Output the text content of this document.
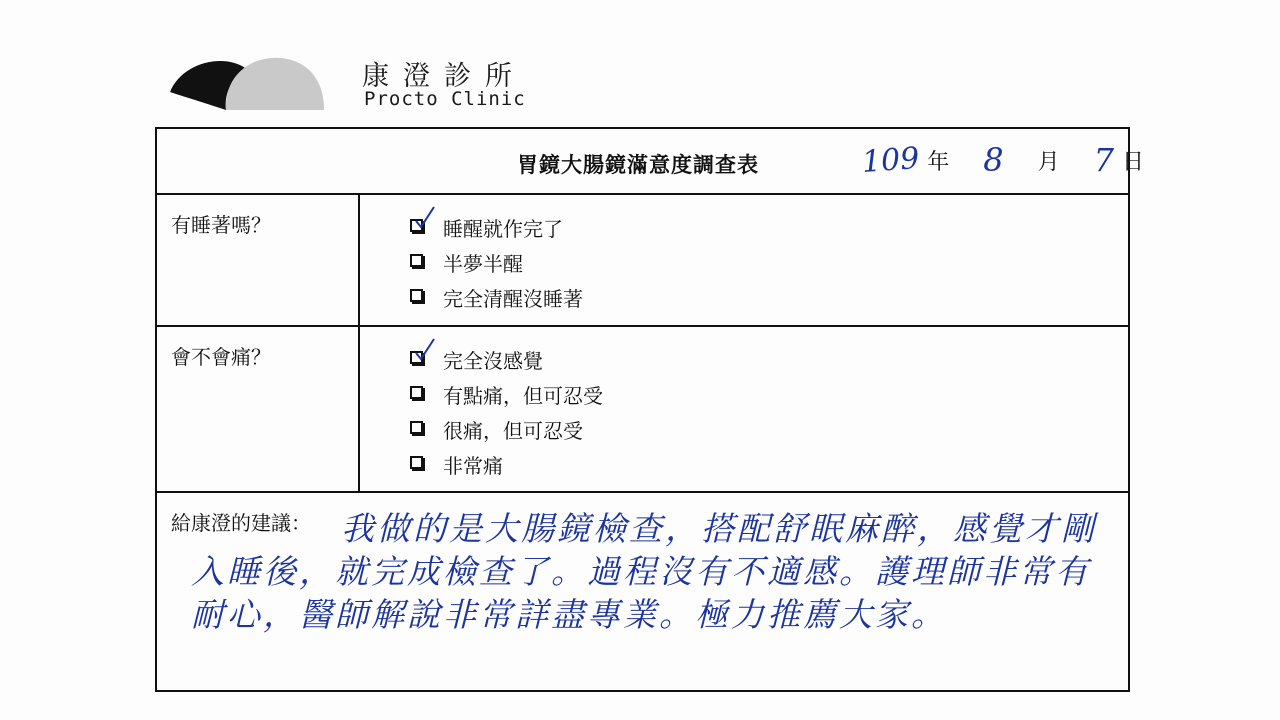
康澄診所
Procto Clinic
胃鏡大腸鏡滿意度調查表	109 年 8 月 7 日
有睡著嗎？	睡醒就作完了
半夢半醒
完全清醒沒睡著
會不會痛？	完全沒感覺
有點痛，但可忍受
很痛，但可忍受
非常痛
給康澄的建議： 我做的是大腸鏡檢查，搭配舒眠麻醉，感覺才剛入睡後，就完成檢查了。過程沒有不適感。護理師非常有耐心，醫師解說非常詳盡專業。極力推薦大家。
